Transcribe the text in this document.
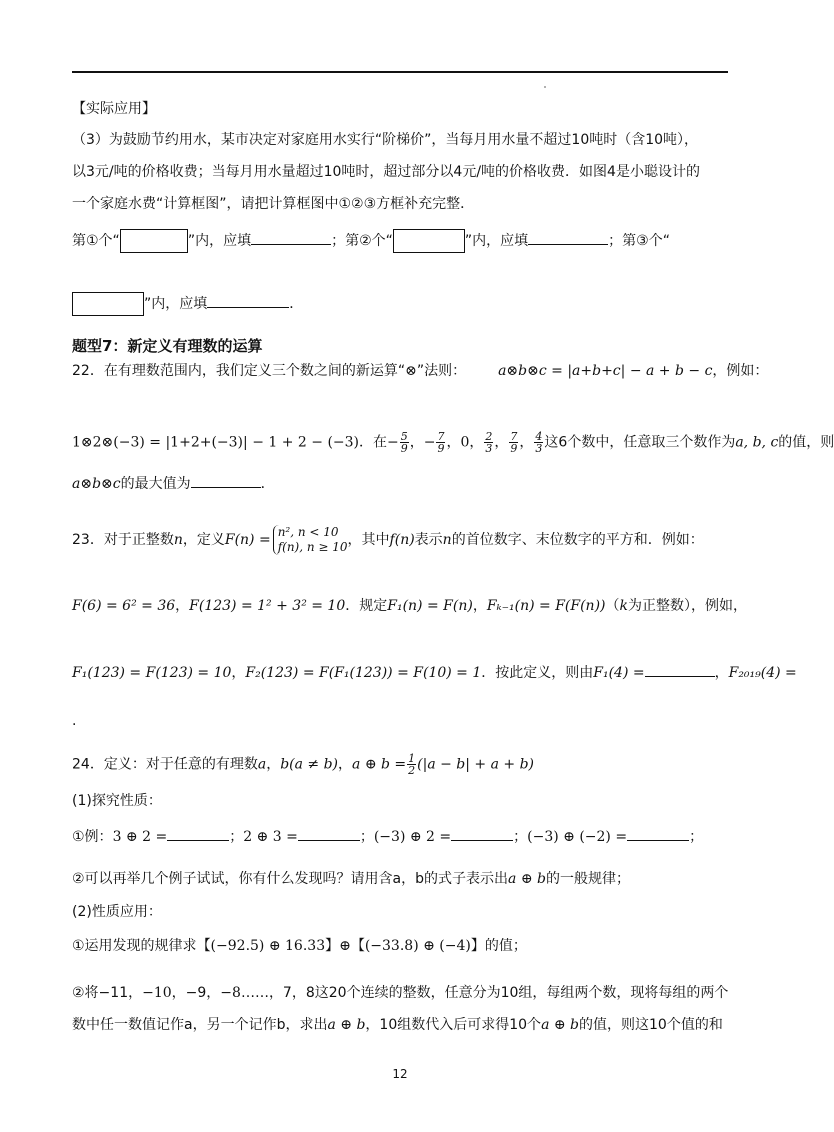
【实际应用】
（3）为鼓励节约用水，某市决定对家庭用水实行“阶梯价”，当每月用水量不超过10吨时（含10吨），
以3元/吨的价格收费；当每月用水量超过10吨时，超过部分以4元/吨的价格收费．如图4是小聪设计的
一个家庭水费“计算框图”，请把计算框图中①②③方框补充完整．
第①个“	”内，应填	；第②个“	”内，应填	；第③个“
”内，应填	．
题型7：新定义有理数的运算
22．在有理数范围内，我们定义三个数之间的新运算“⊗”法则： a⊗b⊗c = |a+b+c| − a + b − c，例如：
1⊗2⊗(−3) = |1+2+(−3)| − 1 + 2 − (−3)．在− $\frac{5}{9}$ ，− $\frac{7}{9}$ ，0， $\frac{2}{3}$ ， $\frac{7}{9}$ ， $\frac{4}{3}$ 这6个数中，任意取三个数作为a, b, c的值，则
a⊗b⊗c的最大值为	．
23．对于正整数n，定义F(n) = n², n < 10
f(n), n ≥ 10 ，其中f(n)表示n的首位数字、末位数字的平方和．例如：
F(6) = 6² = 36，F(123) = 1² + 3² = 10．规定F₁(n) = F(n)，Fₖ₋₁(n) = F(F(n))（k为正整数），例如，
F₁(123) = F(123) = 10，F₂(123) = F(F₁(123)) = F(10) = 1．按此定义，则由F₁(4) =	，F₂₀₁₉(4) =
.
24．定义：对于任意的有理数a，b(a ≠ b)，a ⊕ $b = \frac{1}{2} (|a - b| + a + b)$
(1)探究性质：
①例：3 ⊕ 2 =	；2 ⊕ 3 =	；(−3) ⊕ 2 =	；(−3) ⊕ (−2) =	；
②可以再举几个例子试试，你有什么发现吗？请用含a，b的式子表示出a ⊕ b的一般规律；
(2)性质应用：
①运用发现的规律求【(−92.5) ⊕ 16.33】⊕【(−33.8) ⊕ (−4)】的值；
②将−11，−10，−9，−8……，7，8这20个连续的整数，任意分为10组，每组两个数，现将每组的两个
数中任一数值记作a，另一个记作b，求出a ⊕ b，10组数代入后可求得10个a ⊕ b的值，则这10个值的和
12
